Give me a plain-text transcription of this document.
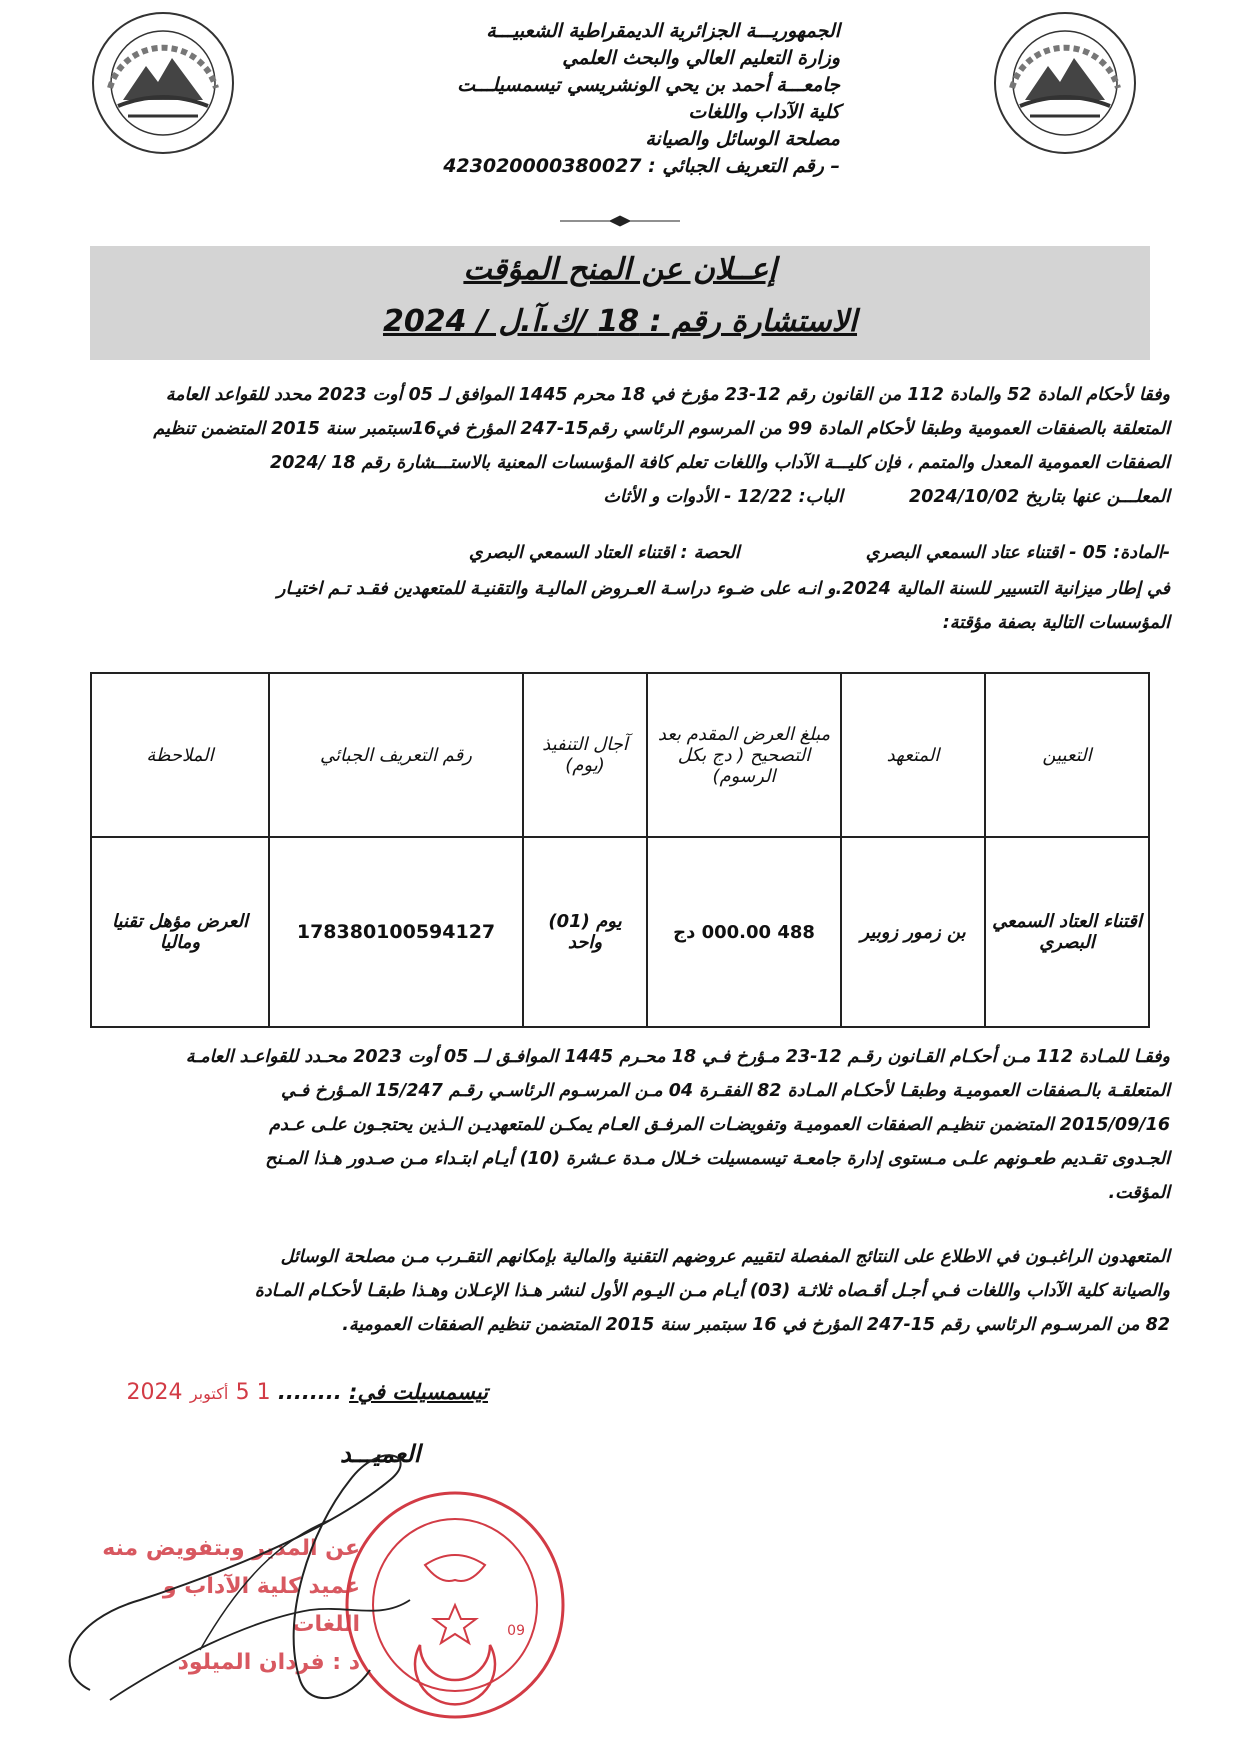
الجمهوريـــة الجزائرية الديمقراطية الشعبيـــة
وزارة التعليم العالي والبحث العلمي
جامعـــة أحمد بن يحي الونشريسي تيسمسيلـــت
كلية الآداب واللغات
مصلحة الوسائل والصيانة
– رقم التعريف الجبائي : 423020000380027
إعــلان عن المنح المؤقت
الاستشارة رقم : 18 /ك.آ.ل / 2024

وفقا لأحكام المادة 52 والمادة 112 من القانون رقم 12-23 مؤرخ في 18 محرم 1445 الموافق لـ 05 أوت 2023 محدد للقواعد العامة

المتعلقة بالصفقات العمومية وطبقا لأحكام المادة 99 من المرسوم الرئاسي رقم15-247 المؤرخ في16سبتمبر سنة 2015 المتضمن تنظيم

الصفقات العمومية المعدل والمتمم ، فإن كليـــة الآداب واللغات تعلم كافة المؤسسات المعنية بالاستـــشارة رقم 18 /2024

المعلـــن عنها بتاريخ 2024/10/02 الباب: 12/22 - الأدوات و الأثاث

-المادة: 05 - اقتناء عتاد السمعي البصري الحصة : اقتناء العتاد السمعي البصري

في إطار ميزانية التسيير للسنة المالية 2024.و انـه على ضـوء دراسـة العـروض الماليـة والتقنيـة للمتعهدين فقـد تـم اختيـار

المؤسسات التالية بصفة مؤقتة:

التعيين	المتعهد	مبلغ العرض المقدم بعد التصحيح ( دج بكل الرسوم)	آجال التنفيذ (يوم)	رقم التعريف الجبائي	الملاحظة
اقتناء العتاد السمعي البصري	بن زمور زوبير	488 000.00 دج	يوم (01) واحد	178380100594127	العرض مؤهل تقنيا وماليا

وفقـا للمـادة 112 مـن أحكـام القـانون رقـم 12-23 مـؤرخ فـي 18 محـرم 1445 الموافـق لــ 05 أوت 2023 محـدد للقواعـد العامـة

المتعلقـة بالـصفقات العموميـة وطبقـا لأحكـام المـادة 82 الفقـرة 04 مـن المرسـوم الرئاسـي رقـم 15/247 المـؤرخ فـي

2015/09/16 المتضمن تنظيـم الصفقات العموميـة وتفويضـات المرفـق العـام يمكـن للمتعهديـن الـذين يحتجـون علـى عـدم

الجـدوى تقـديم طعـونهم علـى مـستوى إدارة جامعـة تيسمسيلت خـلال مـدة عـشرة (10) أيـام ابتـداء مـن صـدور هـذا المـنح

المؤقت.

المتعهدون الراغبـون في الاطلاع على النتائج المفصلة لتقييم عروضهم التقنية والمالية بإمكانهم التقـرب مـن مصلحة الوسائل

والصيانة كلية الآداب واللغات فـي أجـل أقـصاه ثلاثـة (03) أيـام مـن اليـوم الأول لنشر هـذا الإعـلان وهـذا طبقـا لأحكـام المـادة

82 من المرسـوم الرئاسي رقم 15-247 المؤرخ في 16 سبتمبر سنة 2015 المتضمن تنظيم الصفقات العمومية.

تيسمسيلت في: ........ 1 5 أكتوبر 2024
العميـــد
09
عن المدير وبتفويض منه
عميد كلية الآداب و اللغات
د : فردان الميلود
